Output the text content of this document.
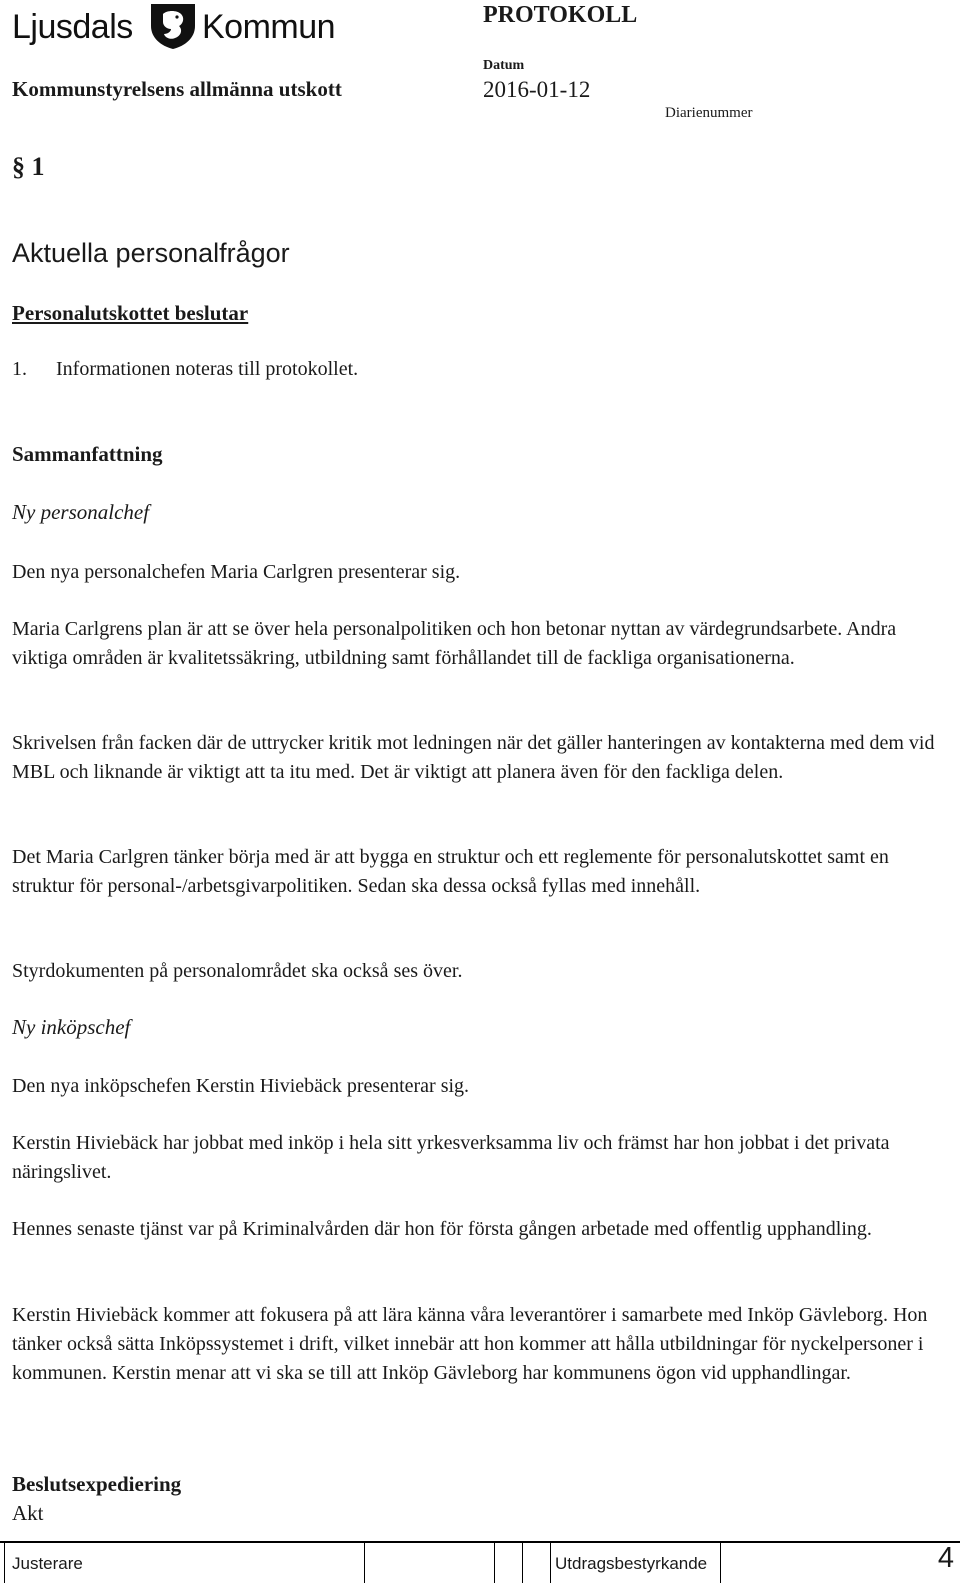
Ljusdals Kommun	PROTOKOLL
Datum
Kommunstyrelsens allmänna utskott	2016-01-12
Diarienummer
§ 1
Aktuella personalfrågor
Personalutskottet beslutar
1. Informationen noteras till protokollet.
Sammanfattning
Ny personalchef
Den nya personalchefen Maria Carlgren presenterar sig.
Maria Carlgrens plan är att se över hela personalpolitiken och hon betonar nyttan av värdegrundsarbete. Andra viktiga områden är kvalitetssäkring, utbildning samt förhållandet till de fackliga organisationerna.
Skrivelsen från facken där de uttrycker kritik mot ledningen när det gäller hanteringen av kontakterna med dem vid MBL och liknande är viktigt att ta itu med. Det är viktigt att planera även för den fackliga delen.
Det Maria Carlgren tänker börja med är att bygga en struktur och ett reglemente för personalutskottet samt en struktur för personal-/arbetsgivarpolitiken. Sedan ska dessa också fyllas med innehåll.
Styrdokumenten på personalområdet ska också ses över.
Ny inköpschef
Den nya inköpschefen Kerstin Hiviebäck presenterar sig.
Kerstin Hiviebäck har jobbat med inköp i hela sitt yrkesverksamma liv och främst har hon jobbat i det privata näringslivet.
Hennes senaste tjänst var på Kriminalvården där hon för första gången arbetade med offentlig upphandling.
Kerstin Hiviebäck kommer att fokusera på att lära känna våra leverantörer i samarbete med Inköp Gävleborg. Hon tänker också sätta Inköpssystemet i drift, vilket innebär att hon kommer att hålla utbildningar för nyckelpersoner i kommunen. Kerstin menar att vi ska se till att Inköp Gävleborg har kommunens ögon vid upphandlingar.
Beslutsexpediering
Akt
Justerare	Utdragsbestyrkande	4
